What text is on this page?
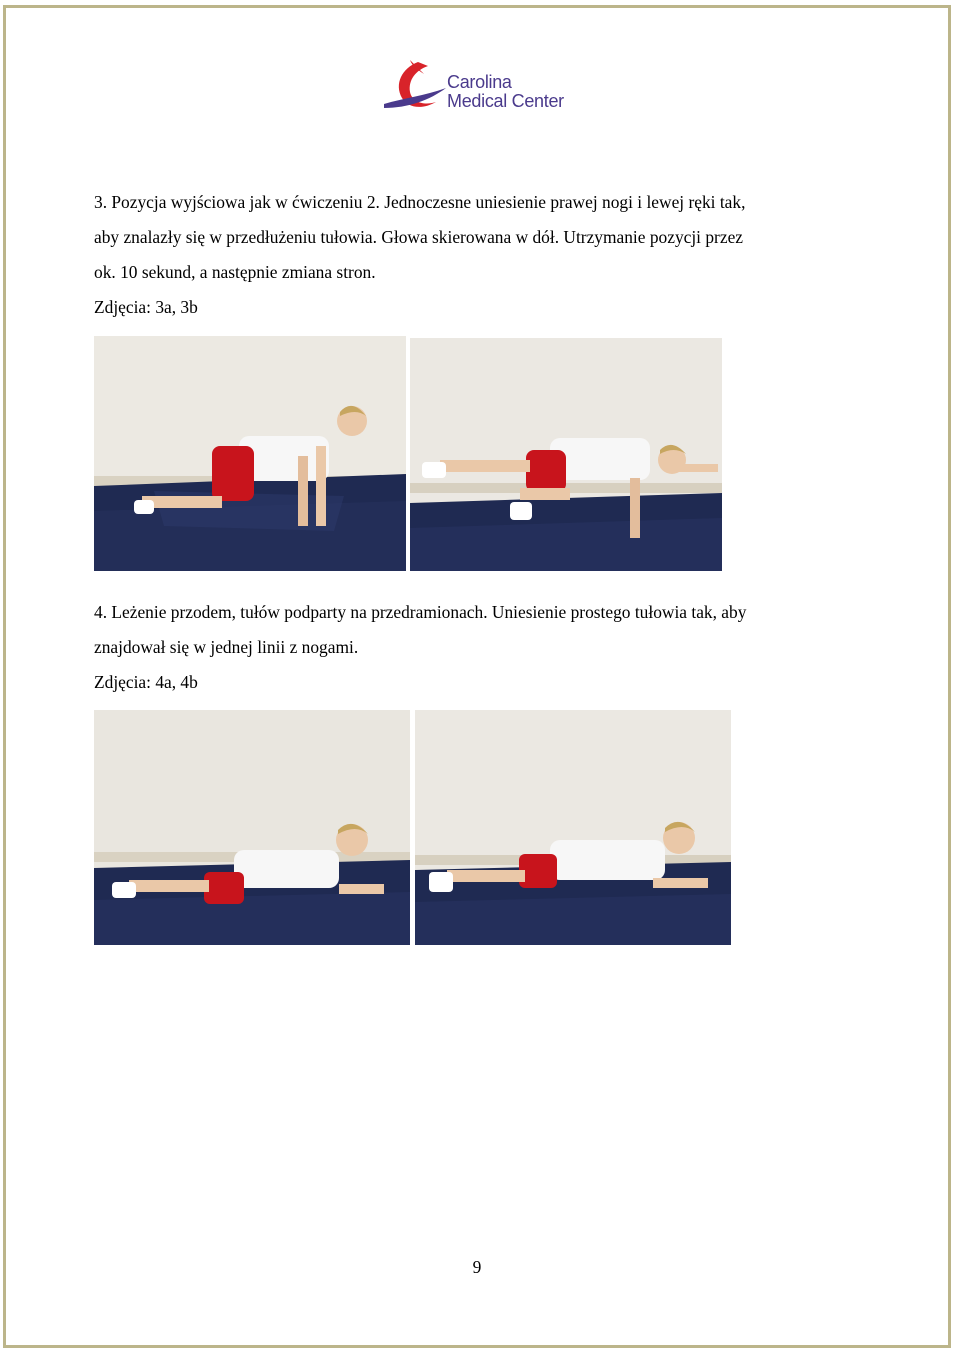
Carolina
Medical Center
3. Pozycja wyjściowa jak w ćwiczeniu 2. Jednoczesne uniesienie prawej nogi i lewej ręki tak,
aby znalazły się w przedłużeniu tułowia. Głowa skierowana w dół. Utrzymanie pozycji przez
ok. 10 sekund, a następnie zmiana stron.
Zdjęcia: 3a, 3b
4. Leżenie przodem, tułów podparty na przedramionach. Uniesienie prostego tułowia tak, aby
znajdował się w jednej linii z nogami.
Zdjęcia: 4a, 4b
9
